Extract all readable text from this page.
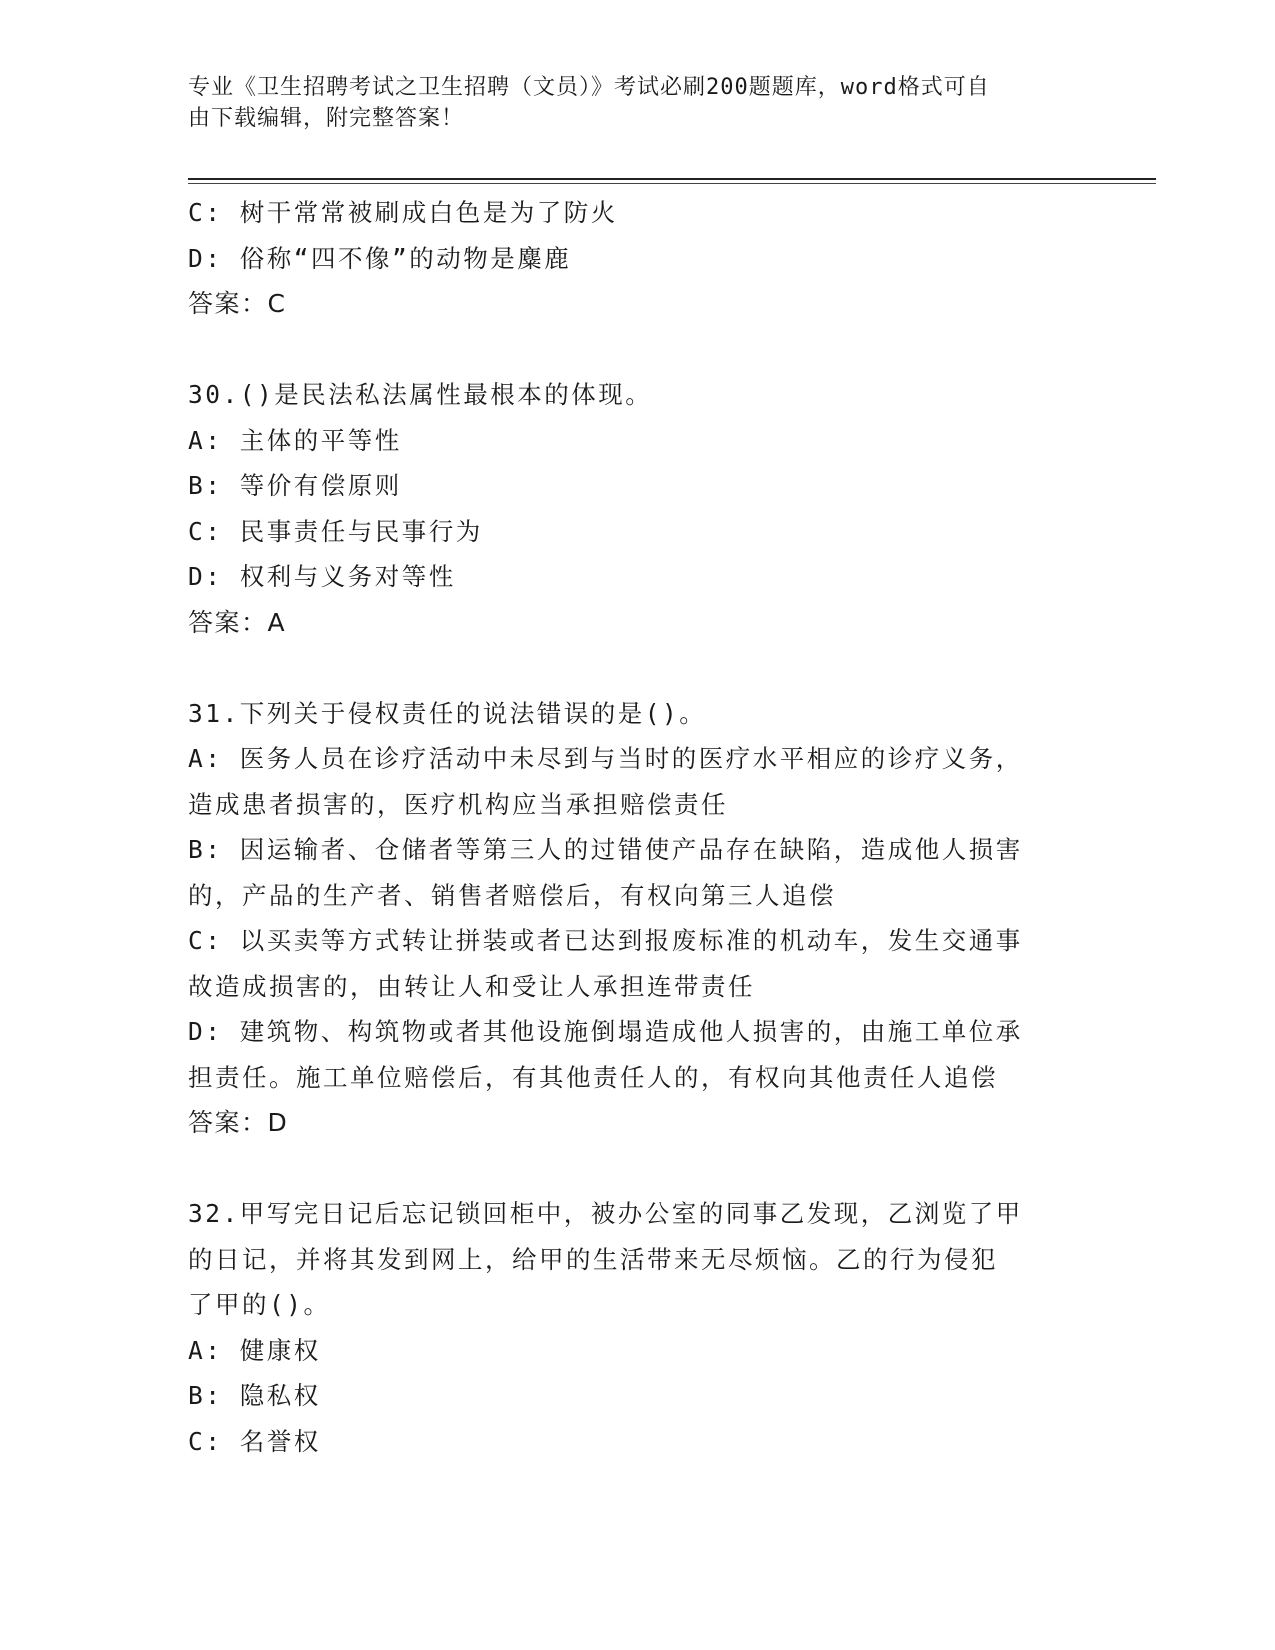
专业《卫生招聘考试之卫生招聘（文员）》考试必刷200题题库，word格式可自
由下载编辑，附完整答案！
C: 树干常常被刷成白色是为了防火
D: 俗称“四不像”的动物是麋鹿
答案：C
30.()是民法私法属性最根本的体现。
A: 主体的平等性
B: 等价有偿原则
C: 民事责任与民事行为
D: 权利与义务对等性
答案：A
31.下列关于侵权责任的说法错误的是()。
A: 医务人员在诊疗活动中未尽到与当时的医疗水平相应的诊疗义务，
造成患者损害的，医疗机构应当承担赔偿责任
B: 因运输者、仓储者等第三人的过错使产品存在缺陷，造成他人损害
的，产品的生产者、销售者赔偿后，有权向第三人追偿
C: 以买卖等方式转让拼装或者已达到报废标准的机动车，发生交通事
故造成损害的，由转让人和受让人承担连带责任
D: 建筑物、构筑物或者其他设施倒塌造成他人损害的，由施工单位承
担责任。施工单位赔偿后，有其他责任人的，有权向其他责任人追偿
答案：D
32.甲写完日记后忘记锁回柜中，被办公室的同事乙发现，乙浏览了甲
的日记，并将其发到网上，给甲的生活带来无尽烦恼。乙的行为侵犯
了甲的()。
A: 健康权
B: 隐私权
C: 名誉权
